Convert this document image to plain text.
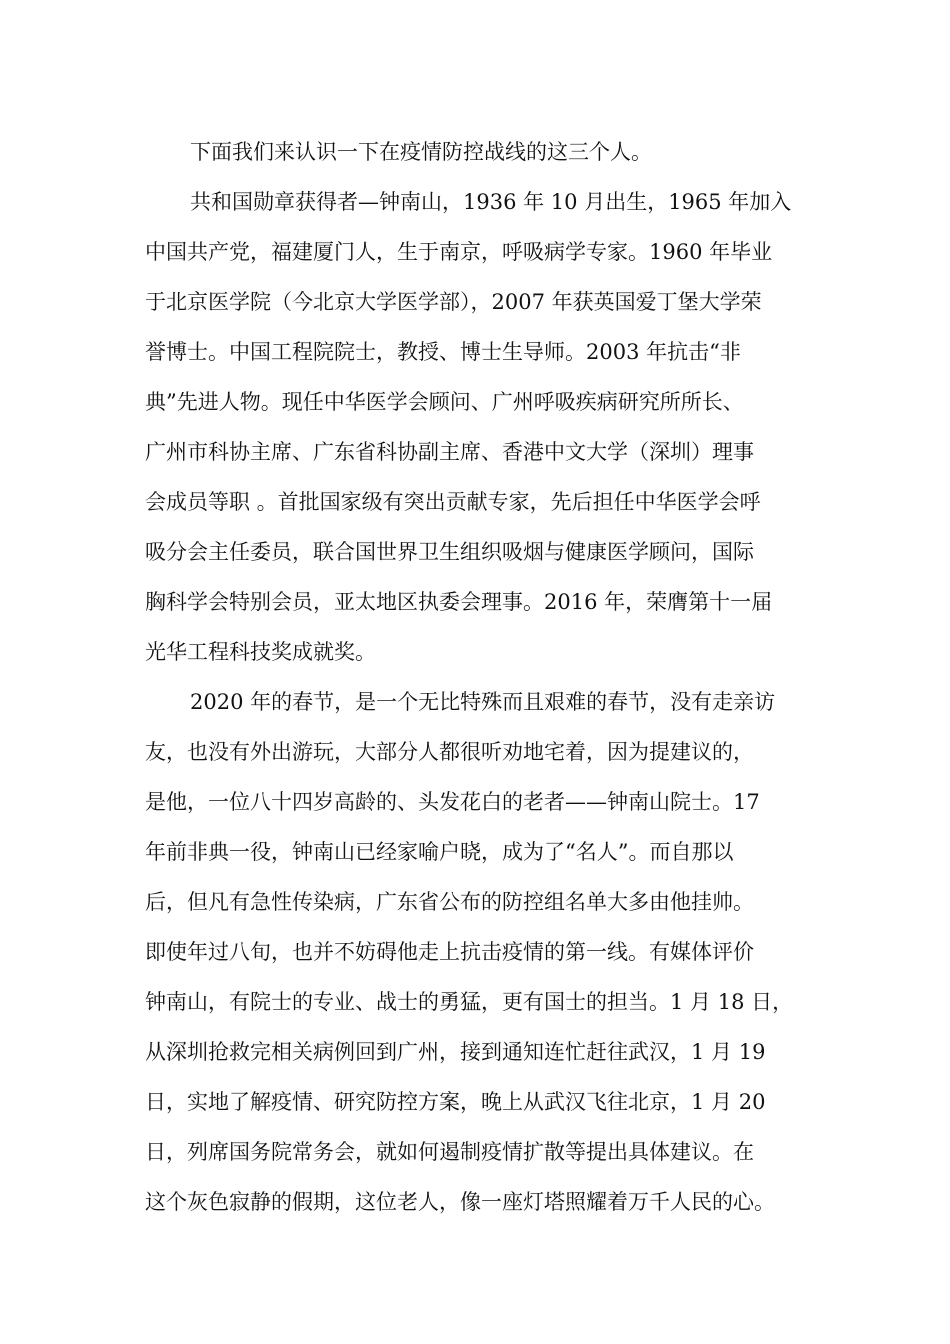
下面我们来认识一下在疫情防控战线的这三个人。

共和国勋章获得者—钟南山，1936 年 10 月出生，1965 年加入

中国共产党，福建厦门人，生于南京，呼吸病学专家。1960 年毕业

于北京医学院（今北京大学医学部），2007 年获英国爱丁堡大学荣

誉博士。中国工程院院士，教授、博士生导师。2003 年抗击“非

典”先进人物。现任中华医学会顾问、广州呼吸疾病研究所所长、

广州市科协主席、广东省科协副主席、香港中文大学（深圳）理事

会成员等职 。首批国家级有突出贡献专家，先后担任中华医学会呼

吸分会主任委员，联合国世界卫生组织吸烟与健康医学顾问，国际

胸科学会特别会员，亚太地区执委会理事。2016 年，荣膺第十一届

光华工程科技奖成就奖。

2020 年的春节，是一个无比特殊而且艰难的春节，没有走亲访

友，也没有外出游玩，大部分人都很听劝地宅着，因为提建议的，

是他，一位八十四岁高龄的、头发花白的老者——钟南山院士。17

年前非典一役，钟南山已经家喻户晓，成为了“名人”。而自那以

后，但凡有急性传染病，广东省公布的防控组名单大多由他挂帅。

即使年过八旬，也并不妨碍他走上抗击疫情的第一线。有媒体评价

钟南山，有院士的专业、战士的勇猛，更有国士的担当。1 月 18 日，

从深圳抢救完相关病例回到广州，接到通知连忙赶往武汉，1 月 19

日，实地了解疫情、研究防控方案，晚上从武汉飞往北京，1 月 20

日，列席国务院常务会，就如何遏制疫情扩散等提出具体建议。在

这个灰色寂静的假期，这位老人，像一座灯塔照耀着万千人民的心。
